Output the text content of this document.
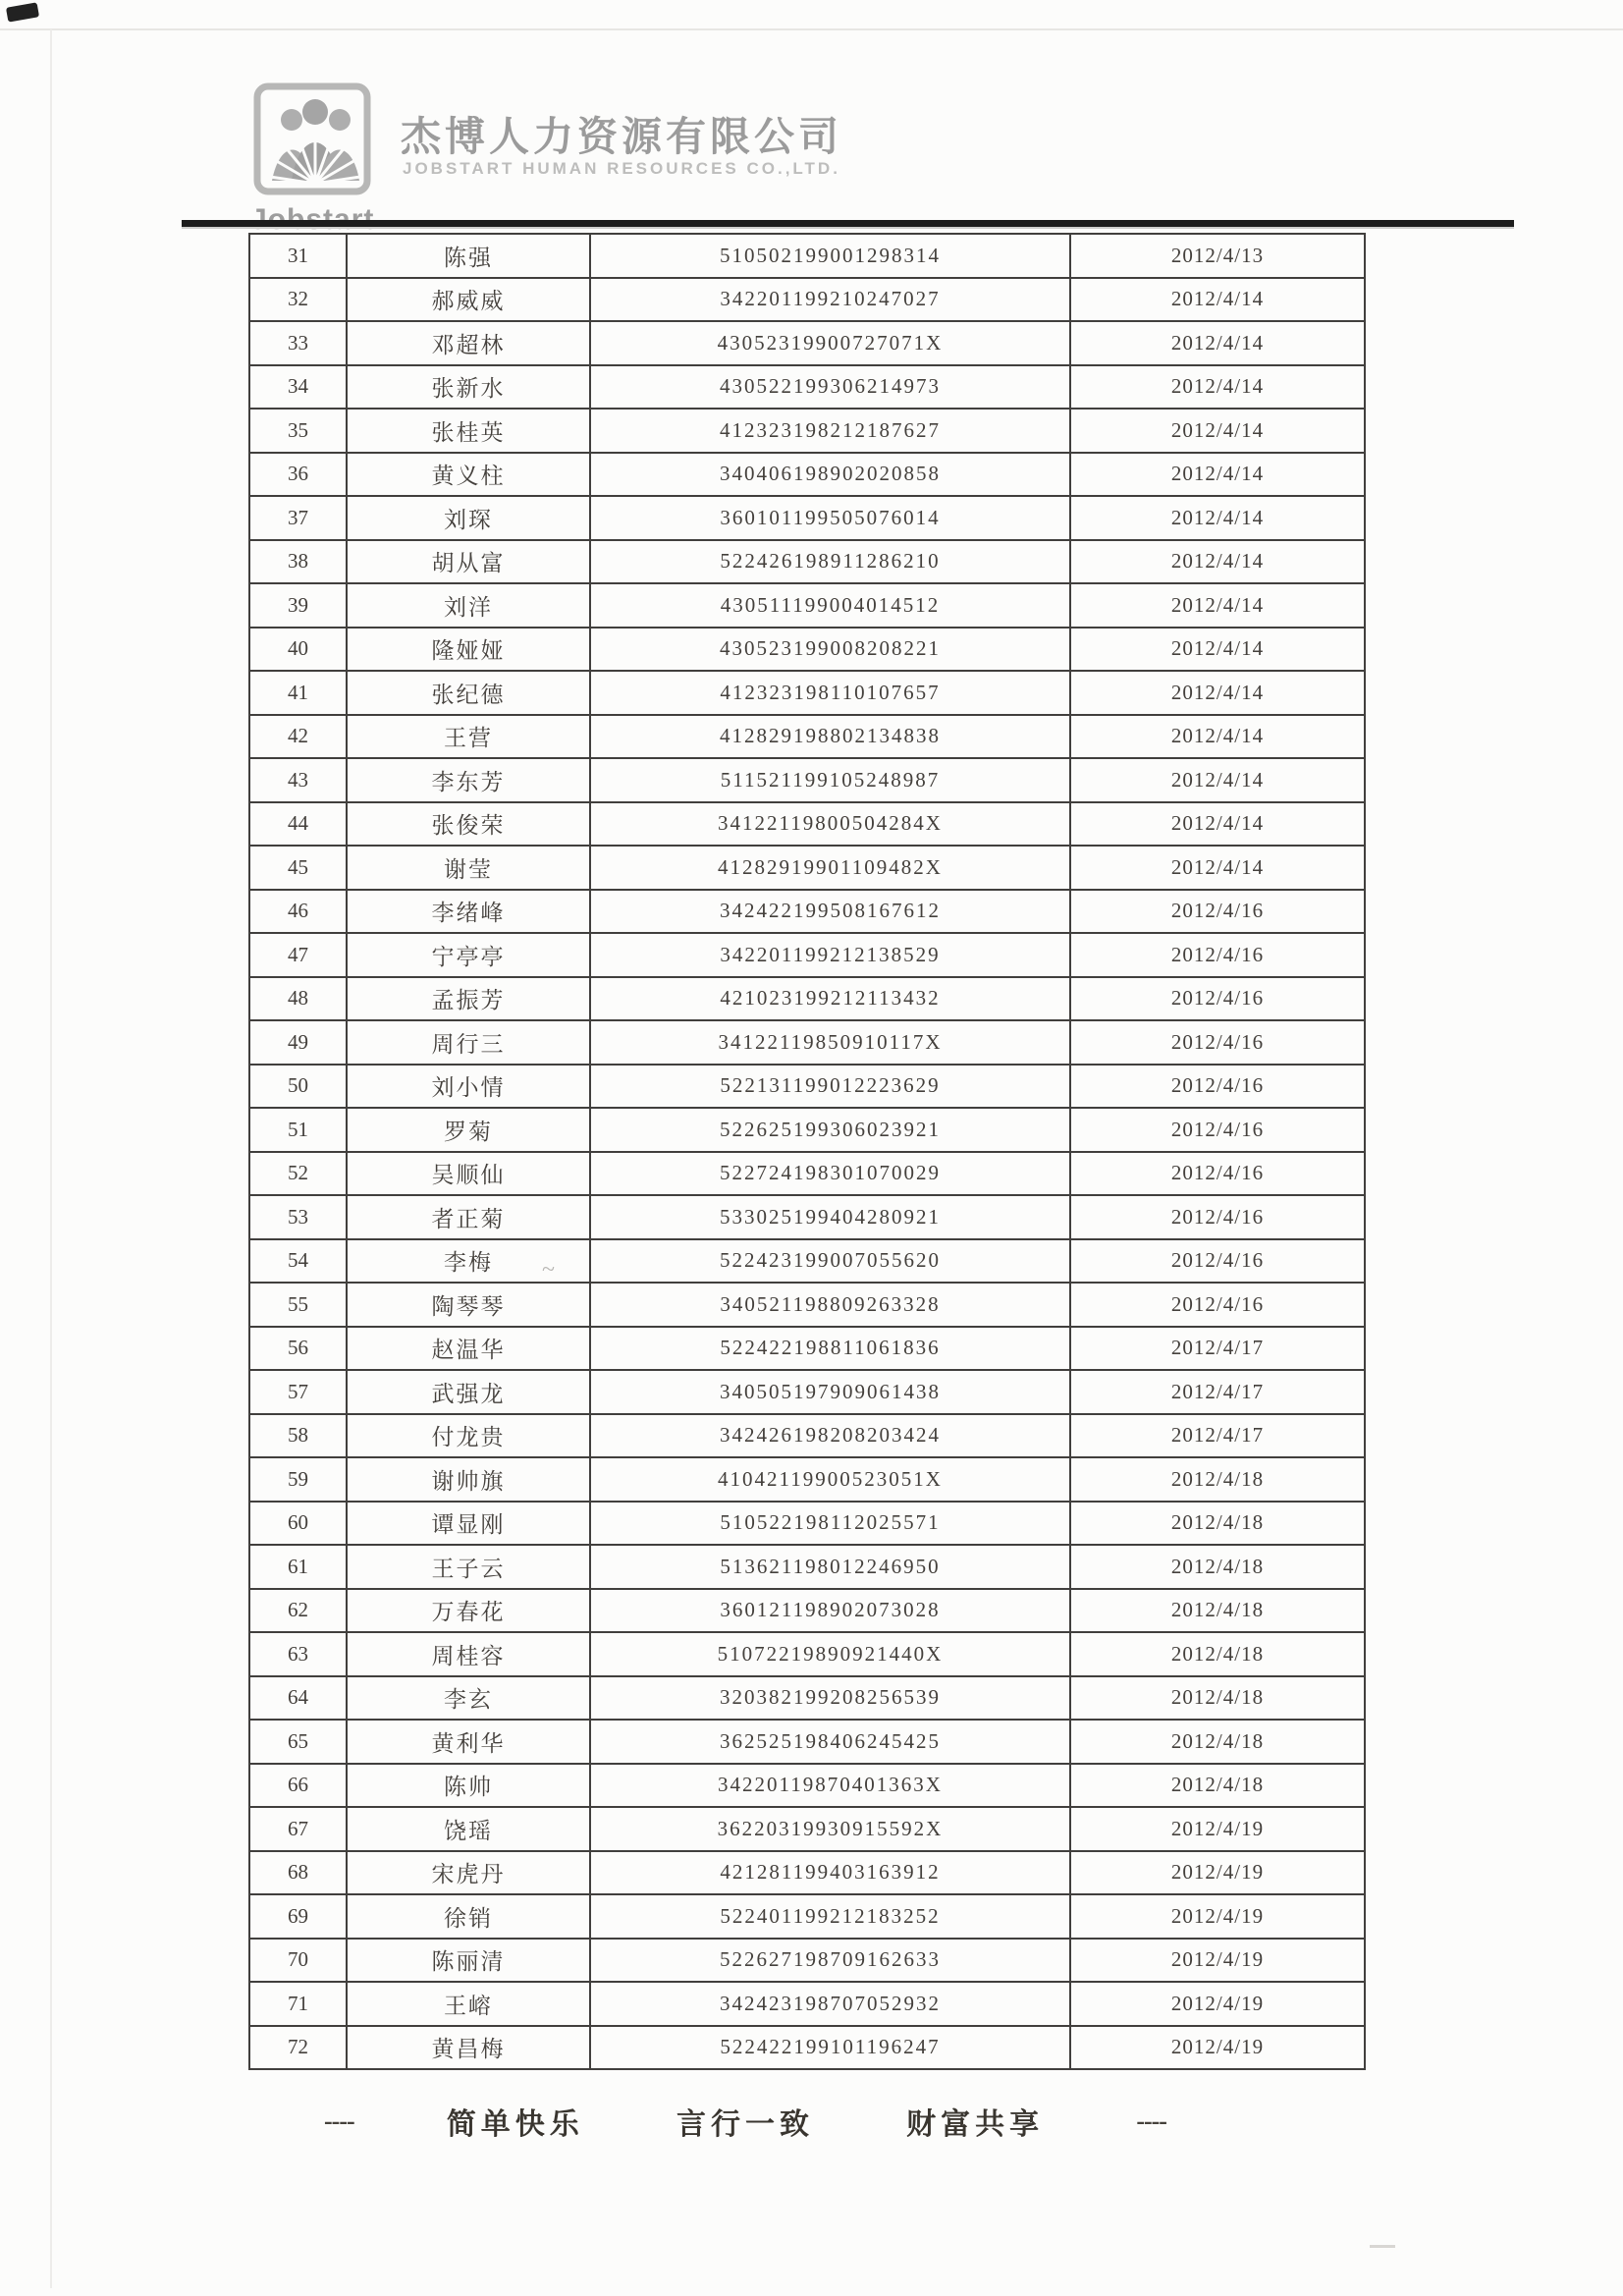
~
杰博人力资源有限公司
JOBSTART HUMAN RESOURCES CO.,LTD.
31	陈强	510502199001298314	2012/4/13
32	郝威威	342201199210247027	2012/4/14
33	邓超林	43052319900727071X	2012/4/14
34	张新水	430522199306214973	2012/4/14
35	张桂英	412323198212187627	2012/4/14
36	黄义柱	340406198902020858	2012/4/14
37	刘琛	360101199505076014	2012/4/14
38	胡从富	522426198911286210	2012/4/14
39	刘洋	430511199004014512	2012/4/14
40	隆娅娅	430523199008208221	2012/4/14
41	张纪德	412323198110107657	2012/4/14
42	王营	412829198802134838	2012/4/14
43	李东芳	511521199105248987	2012/4/14
44	张俊荣	34122119800504284X	2012/4/14
45	谢莹	41282919901109482X	2012/4/14
46	李绪峰	342422199508167612	2012/4/16
47	宁亭亭	342201199212138529	2012/4/16
48	孟振芳	421023199212113432	2012/4/16
49	周行三	34122119850910117X	2012/4/16
50	刘小情	522131199012223629	2012/4/16
51	罗菊	522625199306023921	2012/4/16
52	吴顺仙	522724198301070029	2012/4/16
53	者正菊	533025199404280921	2012/4/16
54	李梅	522423199007055620	2012/4/16
55	陶琴琴	340521198809263328	2012/4/16
56	赵温华	522422198811061836	2012/4/17
57	武强龙	340505197909061438	2012/4/17
58	付龙贵	342426198208203424	2012/4/17
59	谢帅旗	41042119900523051X	2012/4/18
60	谭显刚	510522198112025571	2012/4/18
61	王子云	513621198012246950	2012/4/18
62	万春花	360121198902073028	2012/4/18
63	周桂容	51072219890921440X	2012/4/18
64	李玄	320382199208256539	2012/4/18
65	黄利华	362525198406245425	2012/4/18
66	陈帅	34220119870401363X	2012/4/18
67	饶瑶	36220319930915592X	2012/4/19
68	宋虎丹	421281199403163912	2012/4/19
69	徐销	522401199212183252	2012/4/19
70	陈丽清	522627198709162633	2012/4/19
71	王嵱	342423198707052932	2012/4/19
72	黄昌梅	522422199101196247	2012/4/19
----	简单快乐	言行一致	财富共享	----
